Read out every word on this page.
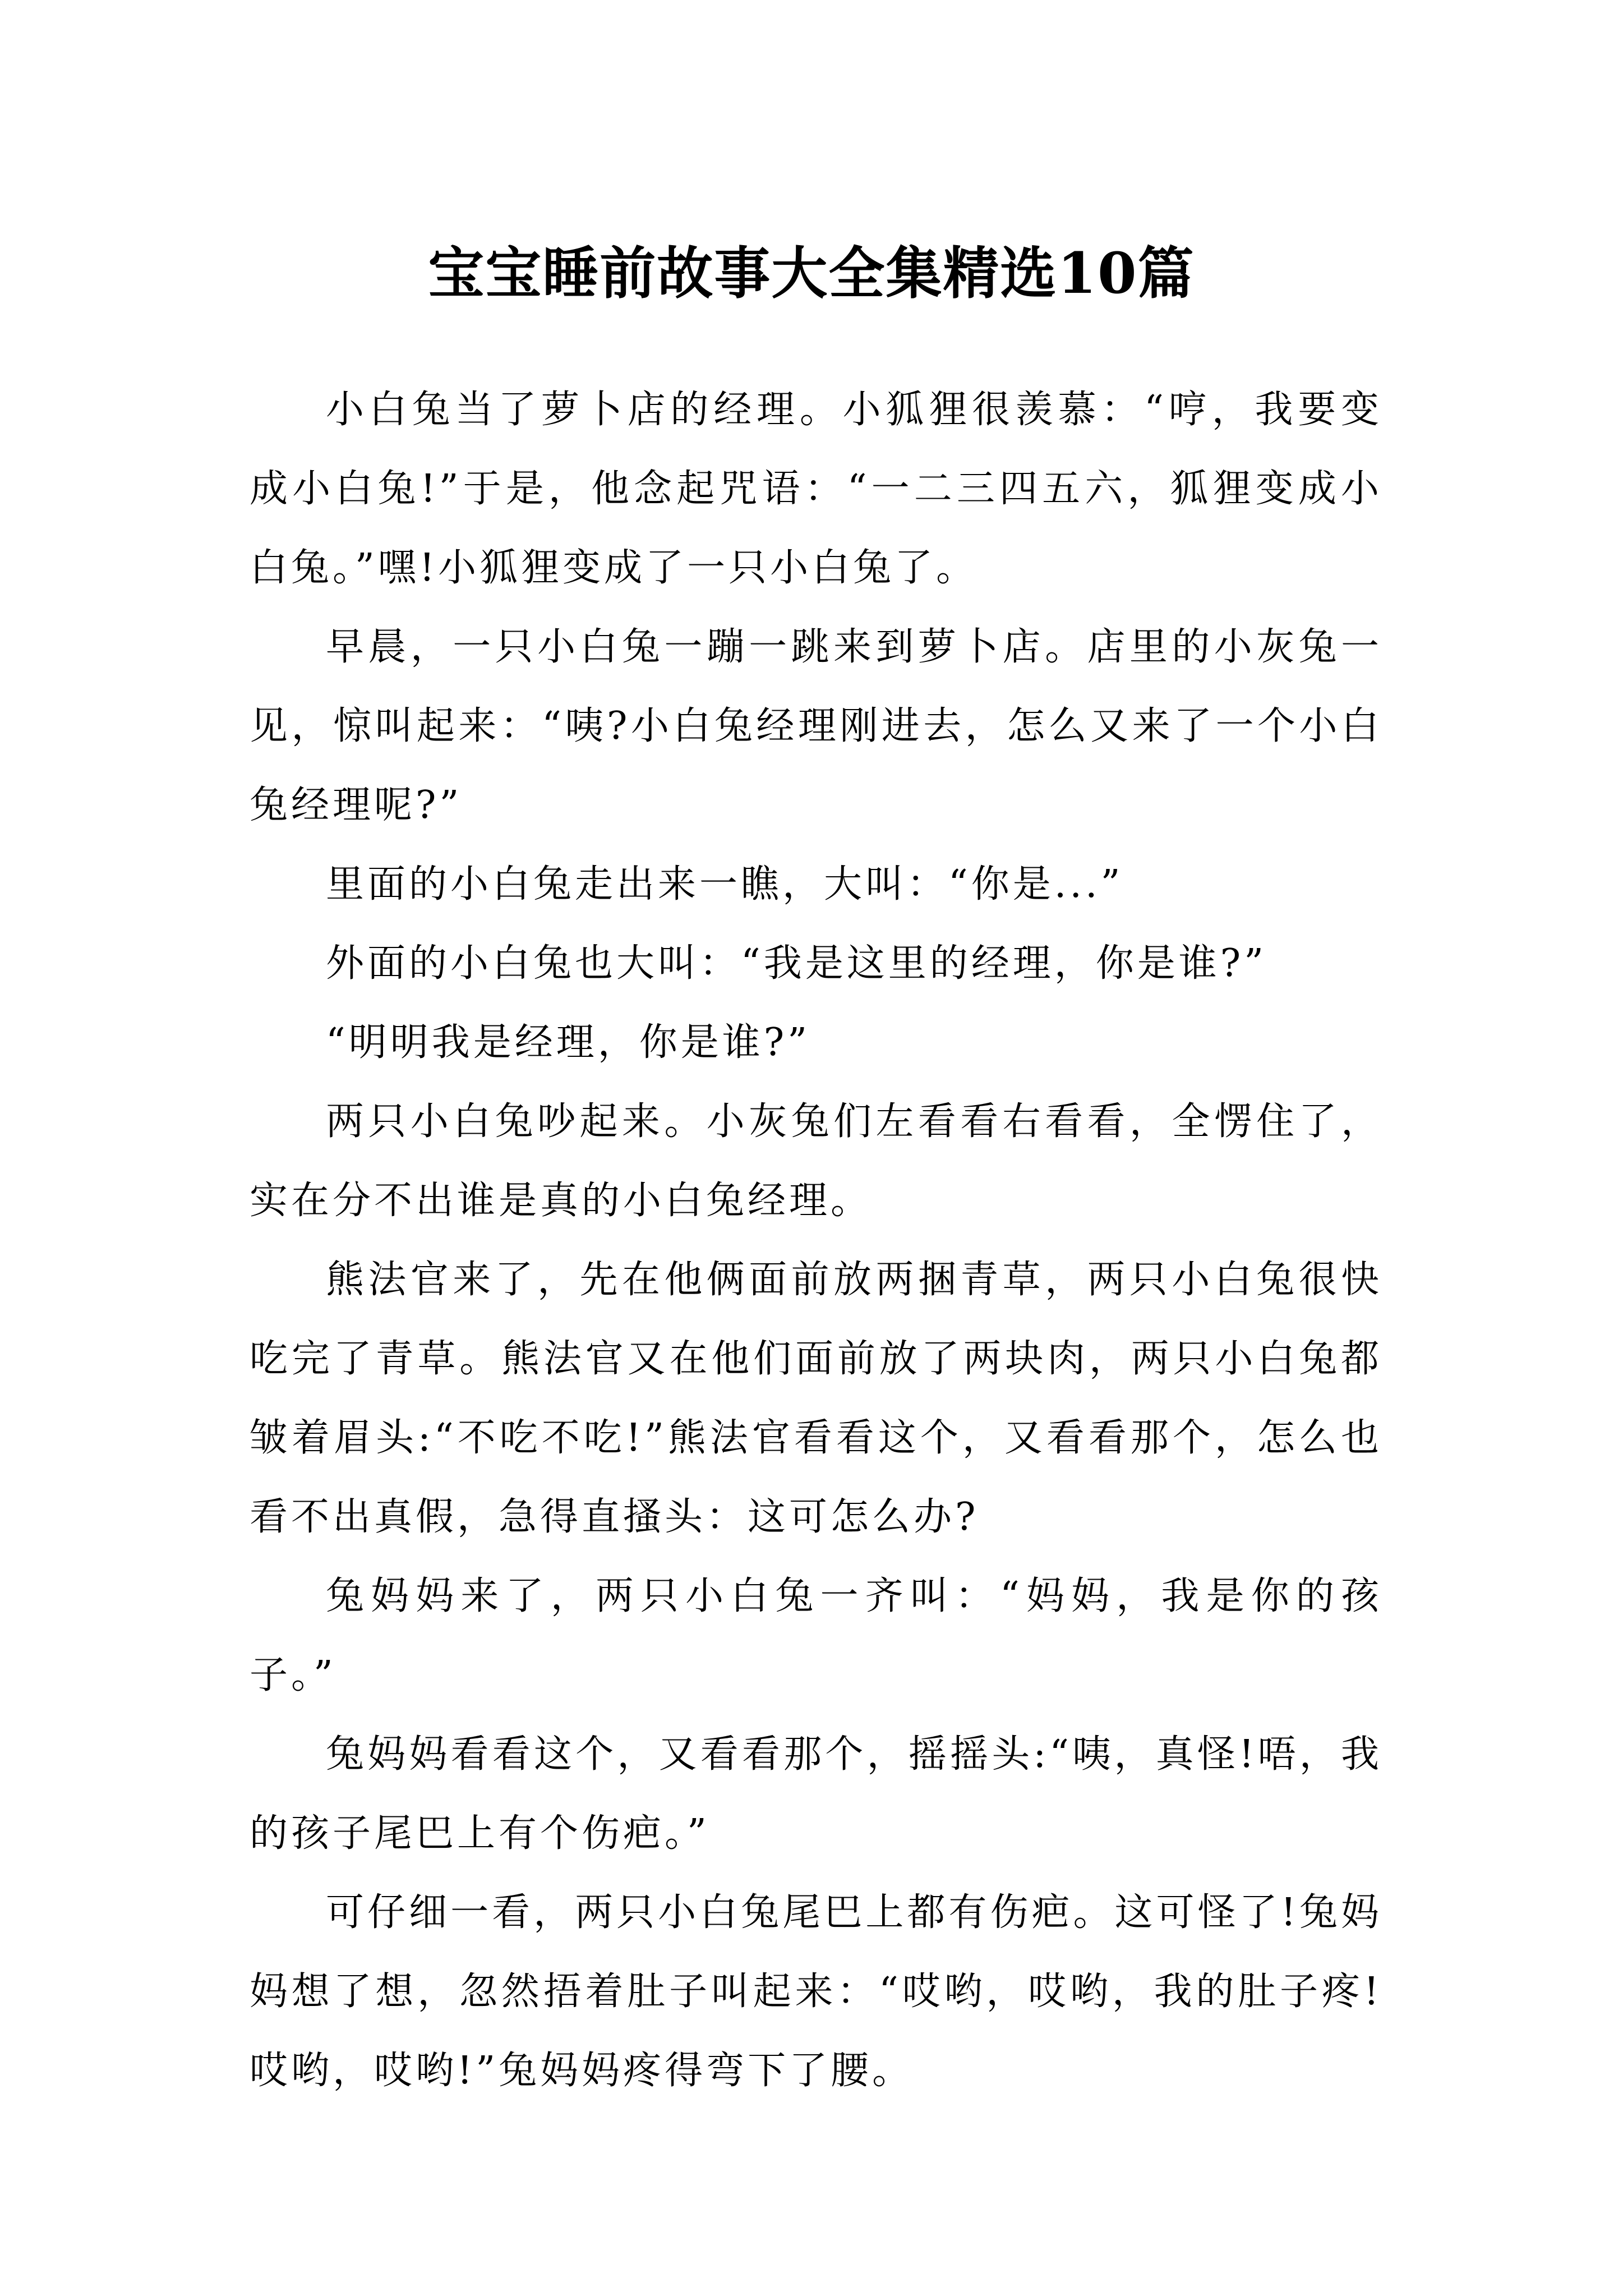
宝宝睡前故事大全集精选10篇

小白兔当了萝卜店的经理。小狐狸很羡慕：“哼，我要变成小白兔!”于是，他念起咒语：“一二三四五六，狐狸变成小白兔。”嘿!小狐狸变成了一只小白兔了。

早晨，一只小白兔一蹦一跳来到萝卜店。店里的小灰兔一见，惊叫起来：“咦?小白兔经理刚进去，怎么又来了一个小白兔经理呢?”

里面的小白兔走出来一瞧，大叫：“你是...”

外面的小白兔也大叫：“我是这里的经理，你是谁?”

“明明我是经理，你是谁?”

两只小白兔吵起来。小灰兔们左看看右看看，全愣住了，实在分不出谁是真的小白兔经理。

熊法官来了，先在他俩面前放两捆青草，两只小白兔很快吃完了青草。熊法官又在他们面前放了两块肉，两只小白兔都皱着眉头:“不吃不吃!”熊法官看看这个，又看看那个，怎么也看不出真假，急得直搔头：这可怎么办?

兔妈妈来了，两只小白兔一齐叫：“妈妈，我是你的孩子。”

兔妈妈看看这个，又看看那个，摇摇头:“咦，真怪!唔，我的孩子尾巴上有个伤疤。”

可仔细一看，两只小白兔尾巴上都有伤疤。这可怪了!兔妈妈想了想，忽然捂着肚子叫起来：“哎哟，哎哟，我的肚子疼!哎哟，哎哟!”兔妈妈疼得弯下了腰。
